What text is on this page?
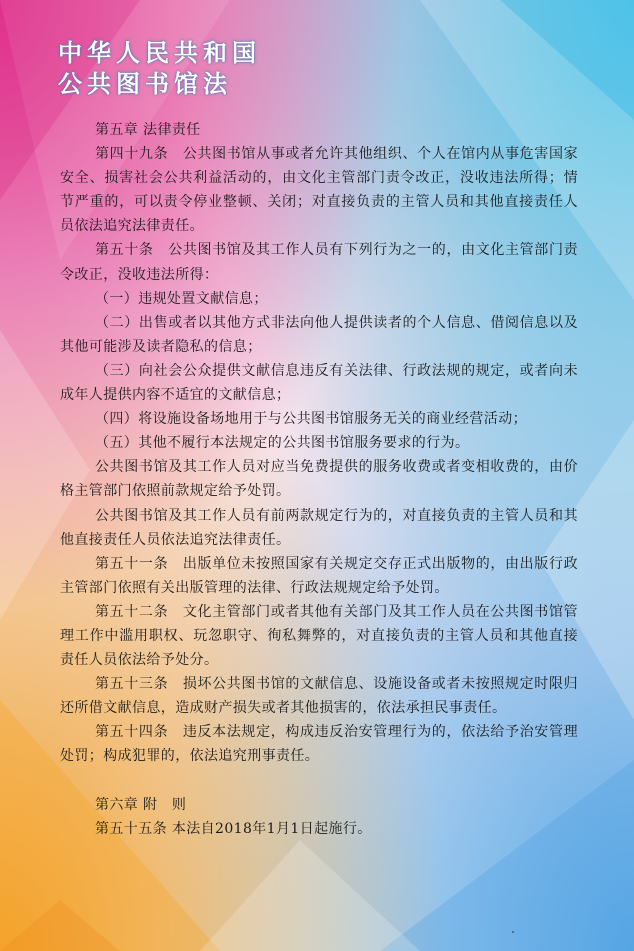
中华人民共和国
公共图书馆法

第五章 法律责任

第四十九条　公共图书馆从事或者允许其他组织、个人在馆内从事危害国家安全、损害社会公共利益活动的，由文化主管部门责令改正，没收违法所得；情节严重的，可以责令停业整顿、关闭；对直接负责的主管人员和其他直接责任人员依法追究法律责任。

第五十条　公共图书馆及其工作人员有下列行为之一的，由文化主管部门责令改正，没收违法所得：

（一）违规处置文献信息；

（二）出售或者以其他方式非法向他人提供读者的个人信息、借阅信息以及其他可能涉及读者隐私的信息；

（三）向社会公众提供文献信息违反有关法律、行政法规的规定，或者向未成年人提供内容不适宜的文献信息；

（四）将设施设备场地用于与公共图书馆服务无关的商业经营活动；

（五）其他不履行本法规定的公共图书馆服务要求的行为。

公共图书馆及其工作人员对应当免费提供的服务收费或者变相收费的，由价格主管部门依照前款规定给予处罚。

公共图书馆及其工作人员有前两款规定行为的，对直接负责的主管人员和其他直接责任人员依法追究法律责任。

第五十一条　出版单位未按照国家有关规定交存正式出版物的，由出版行政主管部门依照有关出版管理的法律、行政法规规定给予处罚。

第五十二条　文化主管部门或者其他有关部门及其工作人员在公共图书馆管理工作中滥用职权、玩忽职守、徇私舞弊的，对直接负责的主管人员和其他直接责任人员依法给予处分。

第五十三条　损坏公共图书馆的文献信息、设施设备或者未按照规定时限归还所借文献信息，造成财产损失或者其他损害的，依法承担民事责任。

第五十四条　违反本法规定，构成违反治安管理行为的，依法给予治安管理处罚；构成犯罪的，依法追究刑事责任。

第六章 附　则

第五十五条 本法自2018年1月1日起施行。
